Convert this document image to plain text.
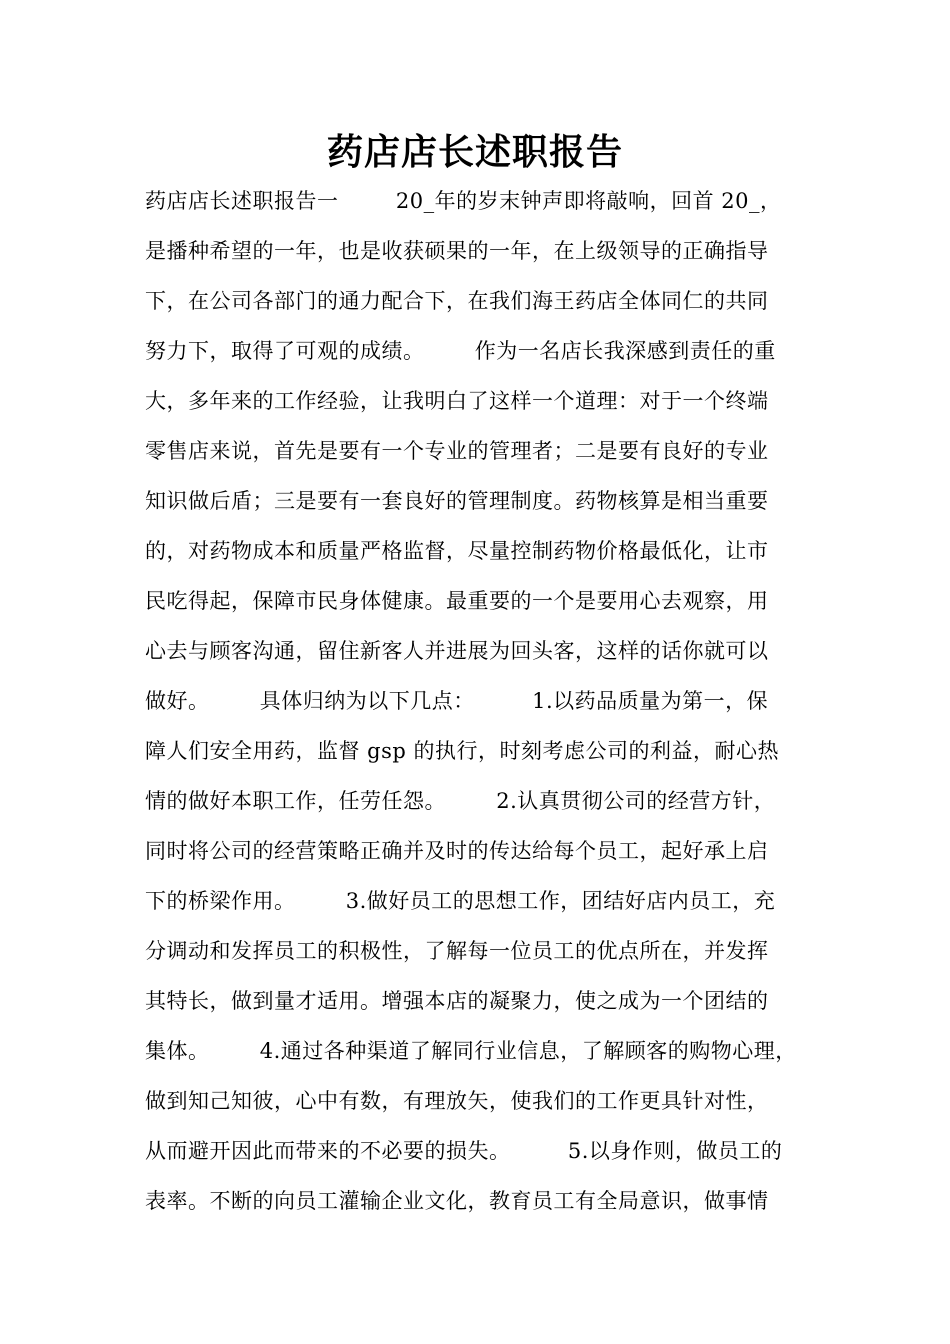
药店店长述职报告
药店店长述职报告一        20_年的岁末钟声即将敲响，回首 20_，
是播种希望的一年，也是收获硕果的一年，在上级领导的正确指导
下，在公司各部门的通力配合下，在我们海王药店全体同仁的共同
努力下，取得了可观的成绩。       作为一名店长我深感到责任的重
大，多年来的工作经验，让我明白了这样一个道理：对于一个终端
零售店来说，首先是要有一个专业的管理者；二是要有良好的专业
知识做后盾；三是要有一套良好的管理制度。药物核算是相当重要
的，对药物成本和质量严格监督，尽量控制药物价格最低化，让市
民吃得起，保障市民身体健康。最重要的一个是要用心去观察，用
心去与顾客沟通，留住新客人并进展为回头客，这样的话你就可以
做好。       具体归纳为以下几点：        1.以药品质量为第一，保
障人们安全用药，监督 gsp 的执行，时刻考虑公司的利益，耐心热
情的做好本职工作，任劳任怨。       2.认真贯彻公司的经营方针，
同时将公司的经营策略正确并及时的传达给每个员工，起好承上启
下的桥梁作用。       3.做好员工的思想工作，团结好店内员工，充
分调动和发挥员工的积极性，了解每一位员工的优点所在，并发挥
其特长，做到量才适用。增强本店的凝聚力，使之成为一个团结的
集体。       4.通过各种渠道了解同行业信息，了解顾客的购物心理，
做到知己知彼，心中有数，有理放矢，使我们的工作更具针对性，
从而避开因此而带来的不必要的损失。        5.以身作则，做员工的
表率。不断的向员工灌输企业文化，教育员工有全局意识，做事情
